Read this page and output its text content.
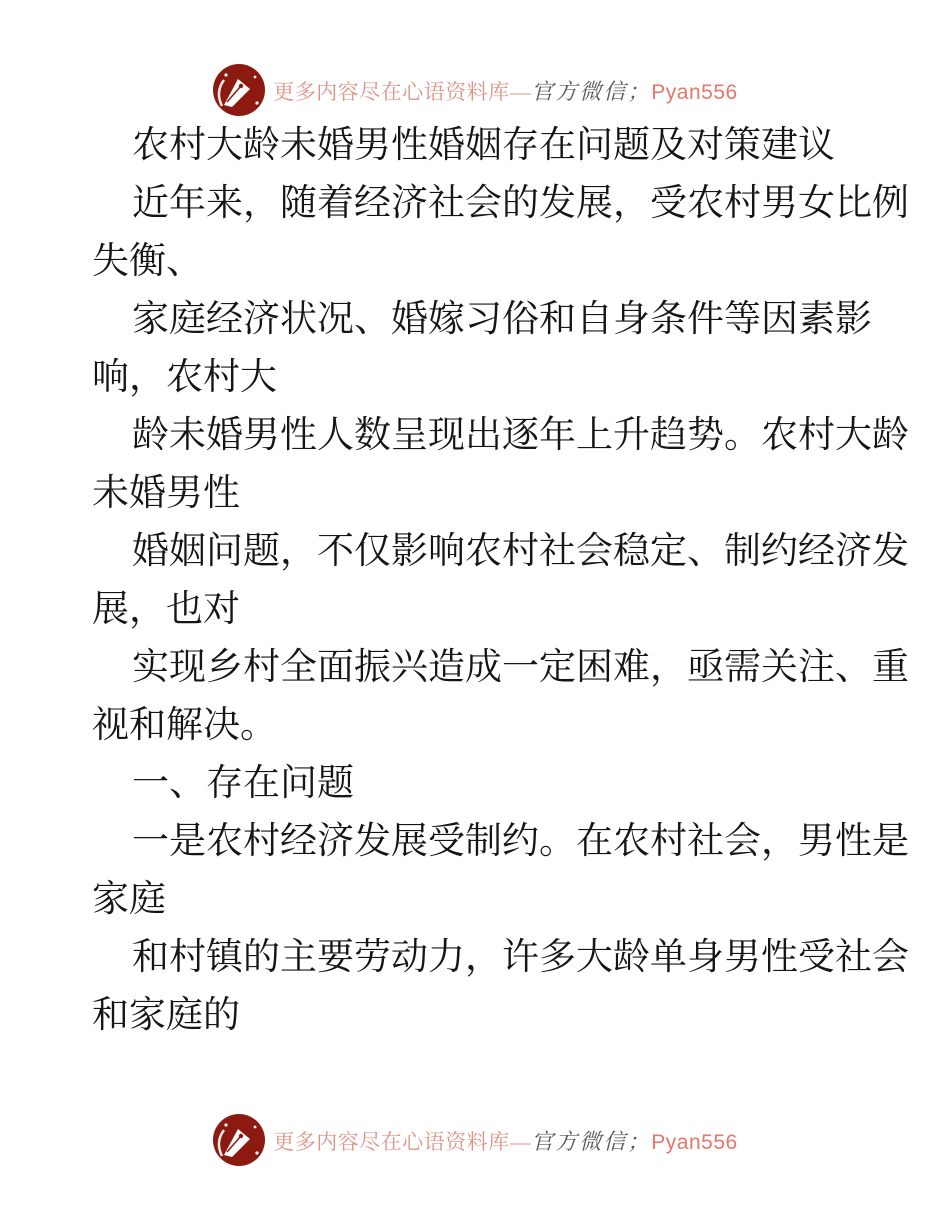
更多内容尽在心语资料库—官方微信；Pyan556
农村大龄未婚男性婚姻存在问题及对策建议
近年来，随着经济社会的发展，受农村男女比例
失衡、
家庭经济状况、婚嫁习俗和自身条件等因素影
响，农村大
龄未婚男性人数呈现出逐年上升趋势。农村大龄
未婚男性
婚姻问题，不仅影响农村社会稳定、制约经济发
展，也对
实现乡村全面振兴造成一定困难，亟需关注、重
视和解决。
一、存在问题
一是农村经济发展受制约。在农村社会，男性是
家庭
和村镇的主要劳动力，许多大龄单身男性受社会
和家庭的
更多内容尽在心语资料库—官方微信；Pyan556
